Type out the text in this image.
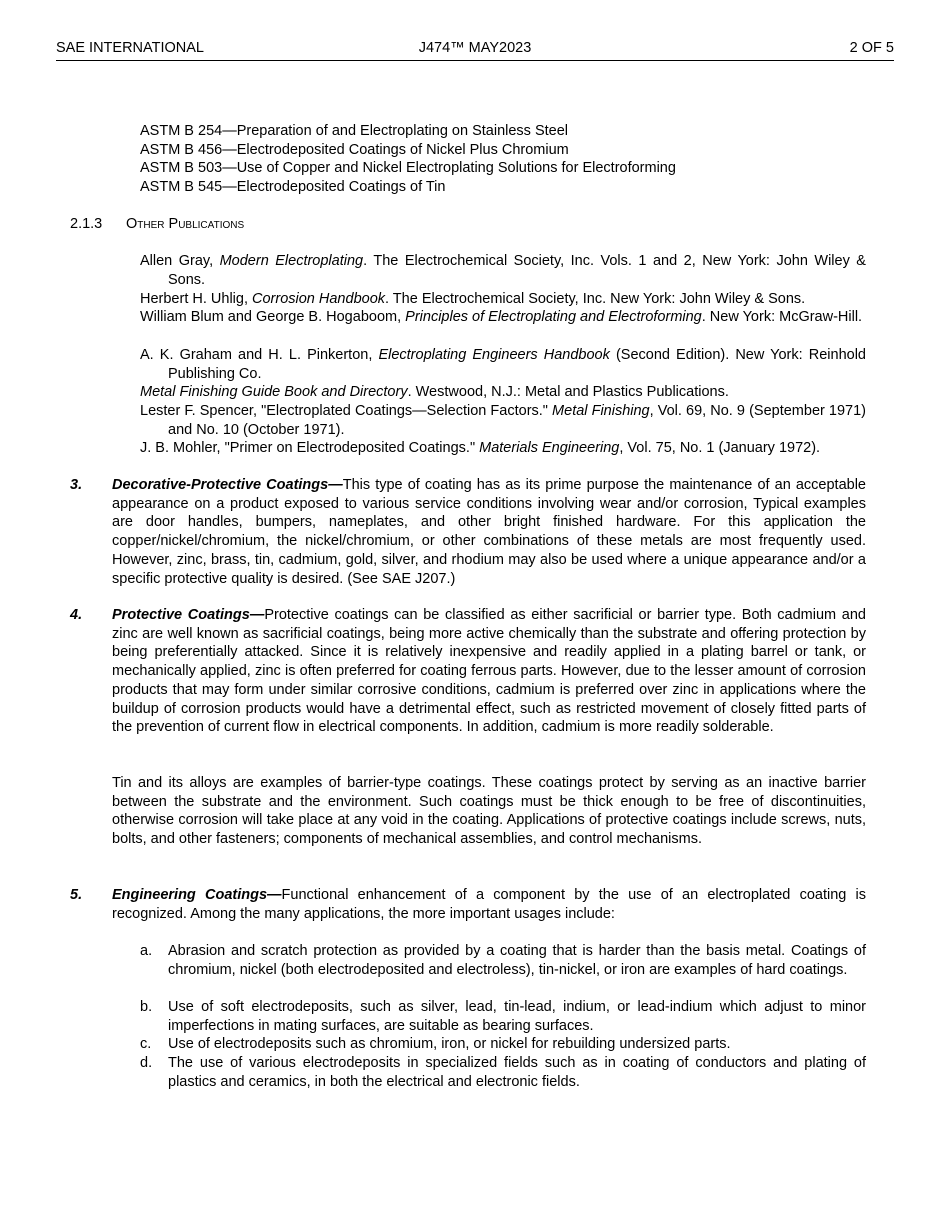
SAE INTERNATIONAL	J474™ MAY2023	2 OF 5
ASTM B 254—Preparation of and Electroplating on Stainless Steel
ASTM B 456—Electrodeposited Coatings of Nickel Plus Chromium
ASTM B 503—Use of Copper and Nickel Electroplating Solutions for Electroforming
ASTM B 545—Electrodeposited Coatings of Tin
2.1.3 Other Publications
Allen Gray, Modern Electroplating. The Electrochemical Society, Inc. Vols. 1 and 2, New York: John Wiley & Sons.
Herbert H. Uhlig, Corrosion Handbook. The Electrochemical Society, Inc. New York: John Wiley & Sons.
William Blum and George B. Hogaboom, Principles of Electroplating and Electroforming. New York: McGraw-Hill.
A. K. Graham and H. L. Pinkerton, Electroplating Engineers Handbook (Second Edition). New York: Reinhold Publishing Co.
Metal Finishing Guide Book and Directory. Westwood, N.J.: Metal and Plastics Publications.
Lester F. Spencer, "Electroplated Coatings—Selection Factors." Metal Finishing, Vol. 69, No. 9 (September 1971) and No. 10 (October 1971).
J. B. Mohler, "Primer on Electrodeposited Coatings." Materials Engineering, Vol. 75, No. 1 (January 1972).
3. Decorative-Protective Coatings—This type of coating has as its prime purpose the maintenance of an acceptable appearance on a product exposed to various service conditions involving wear and/or corrosion, Typical examples are door handles, bumpers, nameplates, and other bright finished hardware. For this application the copper/nickel/chromium, the nickel/chromium, or other combinations of these metals are most frequently used. However, zinc, brass, tin, cadmium, gold, silver, and rhodium may also be used where a unique appearance and/or a specific protective quality is desired. (See SAE J207.)
4. Protective Coatings—Protective coatings can be classified as either sacrificial or barrier type. Both cadmium and zinc are well known as sacrificial coatings, being more active chemically than the substrate and offering protection by being preferentially attacked. Since it is relatively inexpensive and readily applied in a plating barrel or tank, or mechanically applied, zinc is often preferred for coating ferrous parts. However, due to the lesser amount of corrosion products that may form under similar corrosive conditions, cadmium is preferred over zinc in applications where the buildup of corrosion products would have a detrimental effect, such as restricted movement of closely fitted parts of the prevention of current flow in electrical components. In addition, cadmium is more readily solderable.
Tin and its alloys are examples of barrier-type coatings. These coatings protect by serving as an inactive barrier between the substrate and the environment. Such coatings must be thick enough to be free of discontinuities, otherwise corrosion will take place at any void in the coating. Applications of protective coatings include screws, nuts, bolts, and other fasteners; components of mechanical assemblies, and control mechanisms.
5. Engineering Coatings—Functional enhancement of a component by the use of an electroplated coating is recognized. Among the many applications, the more important usages include:
a. Abrasion and scratch protection as provided by a coating that is harder than the basis metal. Coatings of chromium, nickel (both electrodeposited and electroless), tin-nickel, or iron are examples of hard coatings.
b. Use of soft electrodeposits, such as silver, lead, tin-lead, indium, or lead-indium which adjust to minor imperfections in mating surfaces, are suitable as bearing surfaces.
c. Use of electrodeposits such as chromium, iron, or nickel for rebuilding undersized parts.
d. The use of various electrodeposits in specialized fields such as in coating of conductors and plating of plastics and ceramics, in both the electrical and electronic fields.
